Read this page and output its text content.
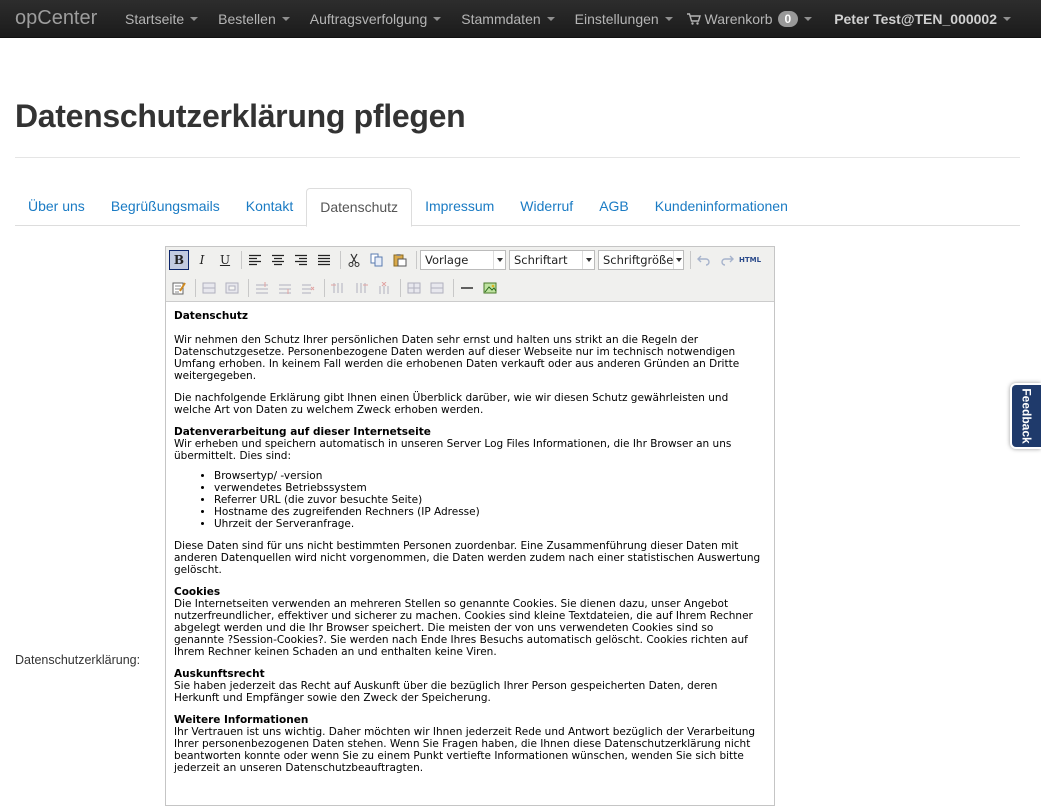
opCenter	Startseite Bestellen Auftragsverfolgung Stammdaten Einstellungen	Warenkorb	0	Peter Test@TEN_000002
Datenschutzerklärung pflegen
Über uns	Begrüßungsmails	Kontakt	Datenschutz	Impressum	Widerruf	AGB	Kundeninformationen
Datenschutzerklärung:
B I U	Vorlage	Schriftart	Schriftgröße	HTML
Datenschutz

Wir nehmen den Schutz Ihrer persönlichen Daten sehr ernst und halten uns strikt an die Regeln der Datenschutzgesetze. Personenbezogene Daten werden auf dieser Webseite nur im technisch notwendigen Umfang erhoben. In keinem Fall werden die erhobenen Daten verkauft oder aus anderen Gründen an Dritte weitergegeben.

Die nachfolgende Erklärung gibt Ihnen einen Überblick darüber, wie wir diesen Schutz gewährleisten und welche Art von Daten zu welchem Zweck erhoben werden.

Datenverarbeitung auf dieser Internetseite
Wir erheben und speichern automatisch in unseren Server Log Files Informationen, die Ihr Browser an uns übermittelt. Dies sind:
• Browsertyp/ -version
• verwendetes Betriebssystem
• Referrer URL (die zuvor besuchte Seite)
• Hostname des zugreifenden Rechners (IP Adresse)
• Uhrzeit der Serveranfrage.

Diese Daten sind für uns nicht bestimmten Personen zuordenbar. Eine Zusammenführung dieser Daten mit anderen Datenquellen wird nicht vorgenommen, die Daten werden zudem nach einer statistischen Auswertung gelöscht.

Cookies

Die Internetseiten verwenden an mehreren Stellen so genannte Cookies. Sie dienen dazu, unser Angebot nutzerfreundlicher, effektiver und sicherer zu machen. Cookies sind kleine Textdateien, die auf Ihrem Rechner abgelegt werden und die Ihr Browser speichert. Die meisten der von uns verwendeten Cookies sind so genannte ?Session-Cookies?. Sie werden nach Ende Ihres Besuchs automatisch gelöscht. Cookies richten auf Ihrem Rechner keinen Schaden an und enthalten keine Viren.

Auskunftsrecht

Sie haben jederzeit das Recht auf Auskunft über die bezüglich Ihrer Person gespeicherten Daten, deren Herkunft und Empfänger sowie den Zweck der Speicherung.

Weitere Informationen

Ihr Vertrauen ist uns wichtig. Daher möchten wir Ihnen jederzeit Rede und Antwort bezüglich der Verarbeitung Ihrer personenbezogenen Daten stehen. Wenn Sie Fragen haben, die Ihnen diese Datenschutzerklärung nicht beantworten konnte oder wenn Sie zu einem Punkt vertiefte Informationen wünschen, wenden Sie sich bitte jederzeit an unseren Datenschutzbeauftragten.

Feedback
